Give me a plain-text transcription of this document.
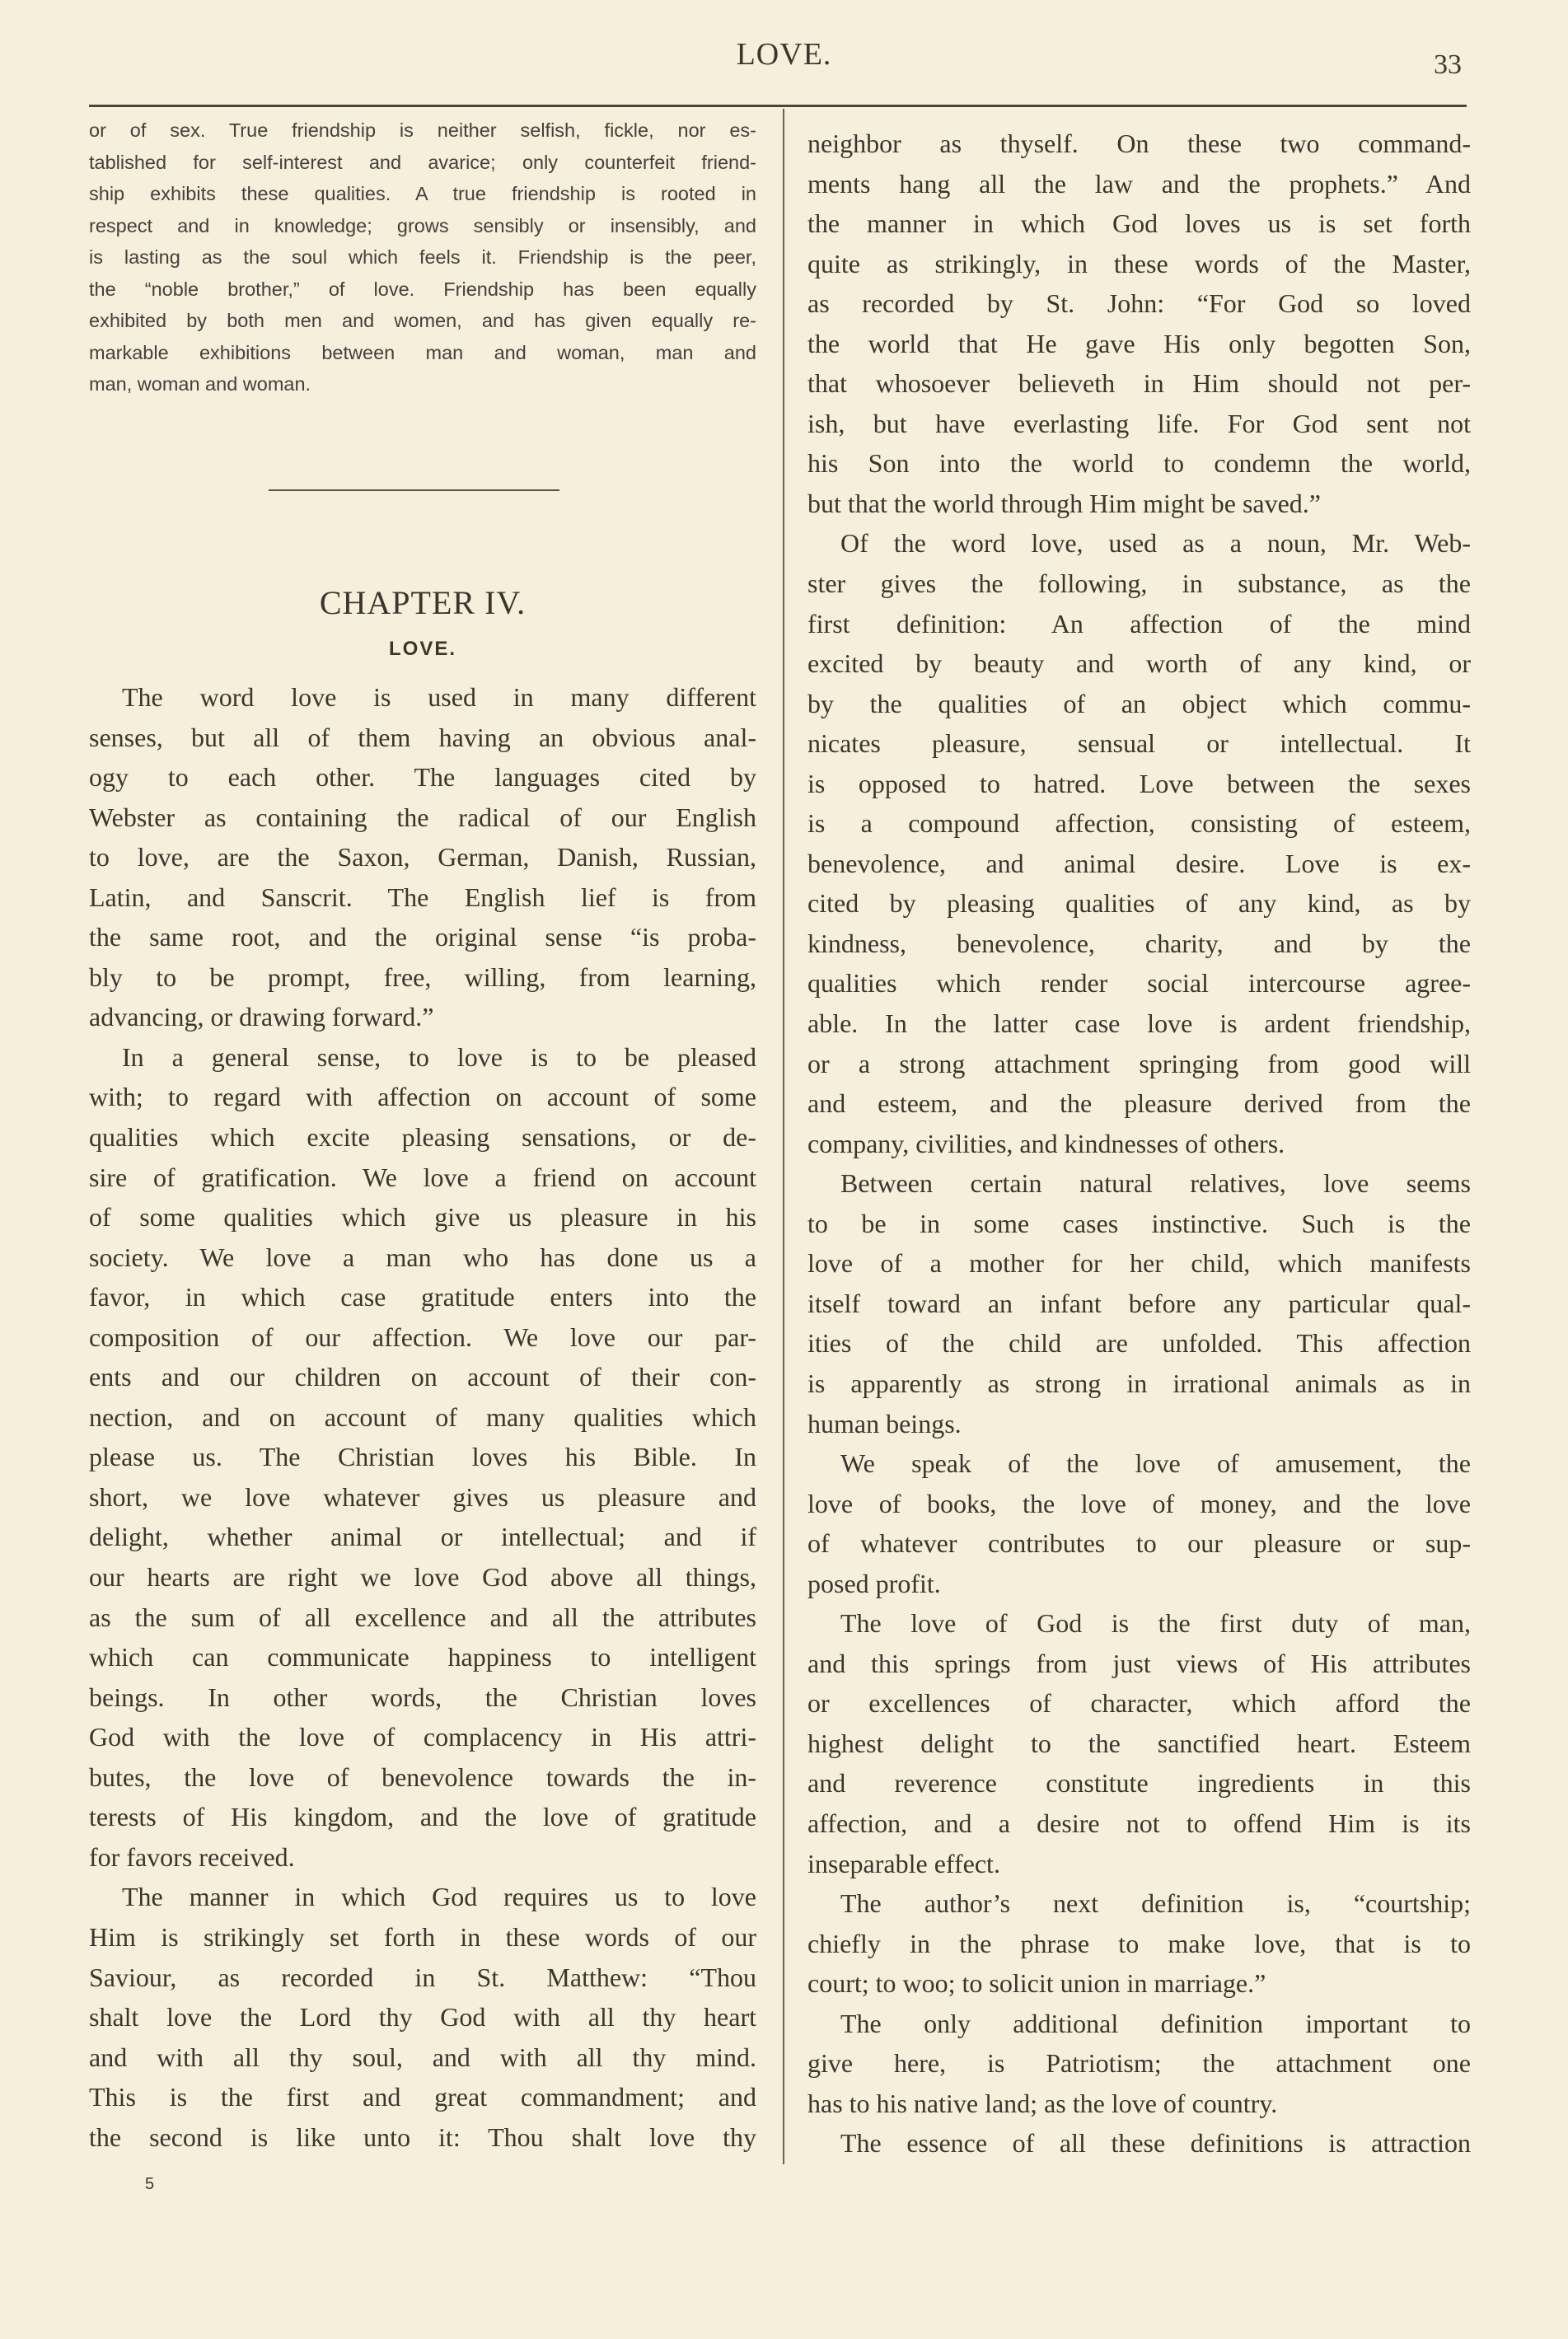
LOVE.	33
or of sex. True friendship is neither selfish, fickle, nor es-
tablished for self-interest and avarice; only counterfeit friend-
ship exhibits these qualities. A true friendship is rooted in
respect and in knowledge; grows sensibly or insensibly, and
is lasting as the soul which feels it. Friendship is the peer,
the “noble brother,” of love. Friendship has been equally
exhibited by both men and women, and has given equally re-
markable exhibitions between man and woman, man and
man, woman and woman.
CHAPTER IV.
LOVE.
The word love is used in many different
senses, but all of them having an obvious anal-
ogy to each other. The languages cited by
Webster as containing the radical of our English
to love, are the Saxon, German, Danish, Russian,
Latin, and Sanscrit. The English lief is from
the same root, and the original sense “is proba-
bly to be prompt, free, willing, from learning,
advancing, or drawing forward.”
In a general sense, to love is to be pleased
with; to regard with affection on account of some
qualities which excite pleasing sensations, or de-
sire of gratification. We love a friend on account
of some qualities which give us pleasure in his
society. We love a man who has done us a
favor, in which case gratitude enters into the
composition of our affection. We love our par-
ents and our children on account of their con-
nection, and on account of many qualities which
please us. The Christian loves his Bible. In
short, we love whatever gives us pleasure and
delight, whether animal or intellectual; and if
our hearts are right we love God above all things,
as the sum of all excellence and all the attributes
which can communicate happiness to intelligent
beings. In other words, the Christian loves
God with the love of complacency in His attri-
butes, the love of benevolence towards the in-
terests of His kingdom, and the love of gratitude
for favors received.
The manner in which God requires us to love
Him is strikingly set forth in these words of our
Saviour, as recorded in St. Matthew: “Thou
shalt love the Lord thy God with all thy heart
and with all thy soul, and with all thy mind.
This is the first and great commandment; and
the second is like unto it: Thou shalt love thy
neighbor as thyself. On these two command-
ments hang all the law and the prophets.” And
the manner in which God loves us is set forth
quite as strikingly, in these words of the Master,
as recorded by St. John: “For God so loved
the world that He gave His only begotten Son,
that whosoever believeth in Him should not per-
ish, but have everlasting life. For God sent not
his Son into the world to condemn the world,
but that the world through Him might be saved.”
Of the word love, used as a noun, Mr. Web-
ster gives the following, in substance, as the
first definition: An affection of the mind
excited by beauty and worth of any kind, or
by the qualities of an object which commu-
nicates pleasure, sensual or intellectual. It
is opposed to hatred. Love between the sexes
is a compound affection, consisting of esteem,
benevolence, and animal desire. Love is ex-
cited by pleasing qualities of any kind, as by
kindness, benevolence, charity, and by the
qualities which render social intercourse agree-
able. In the latter case love is ardent friendship,
or a strong attachment springing from good will
and esteem, and the pleasure derived from the
company, civilities, and kindnesses of others.
Between certain natural relatives, love seems
to be in some cases instinctive. Such is the
love of a mother for her child, which manifests
itself toward an infant before any particular qual-
ities of the child are unfolded. This affection
is apparently as strong in irrational animals as in
human beings.
We speak of the love of amusement, the
love of books, the love of money, and the love
of whatever contributes to our pleasure or sup-
posed profit.
The love of God is the first duty of man,
and this springs from just views of His attributes
or excellences of character, which afford the
highest delight to the sanctified heart. Esteem
and reverence constitute ingredients in this
affection, and a desire not to offend Him is its
inseparable effect.
The author’s next definition is, “courtship;
chiefly in the phrase to make love, that is to
court; to woo; to solicit union in marriage.”
The only additional definition important to
give here, is Patriotism; the attachment one
has to his native land; as the love of country.
The essence of all these definitions is attraction
5
